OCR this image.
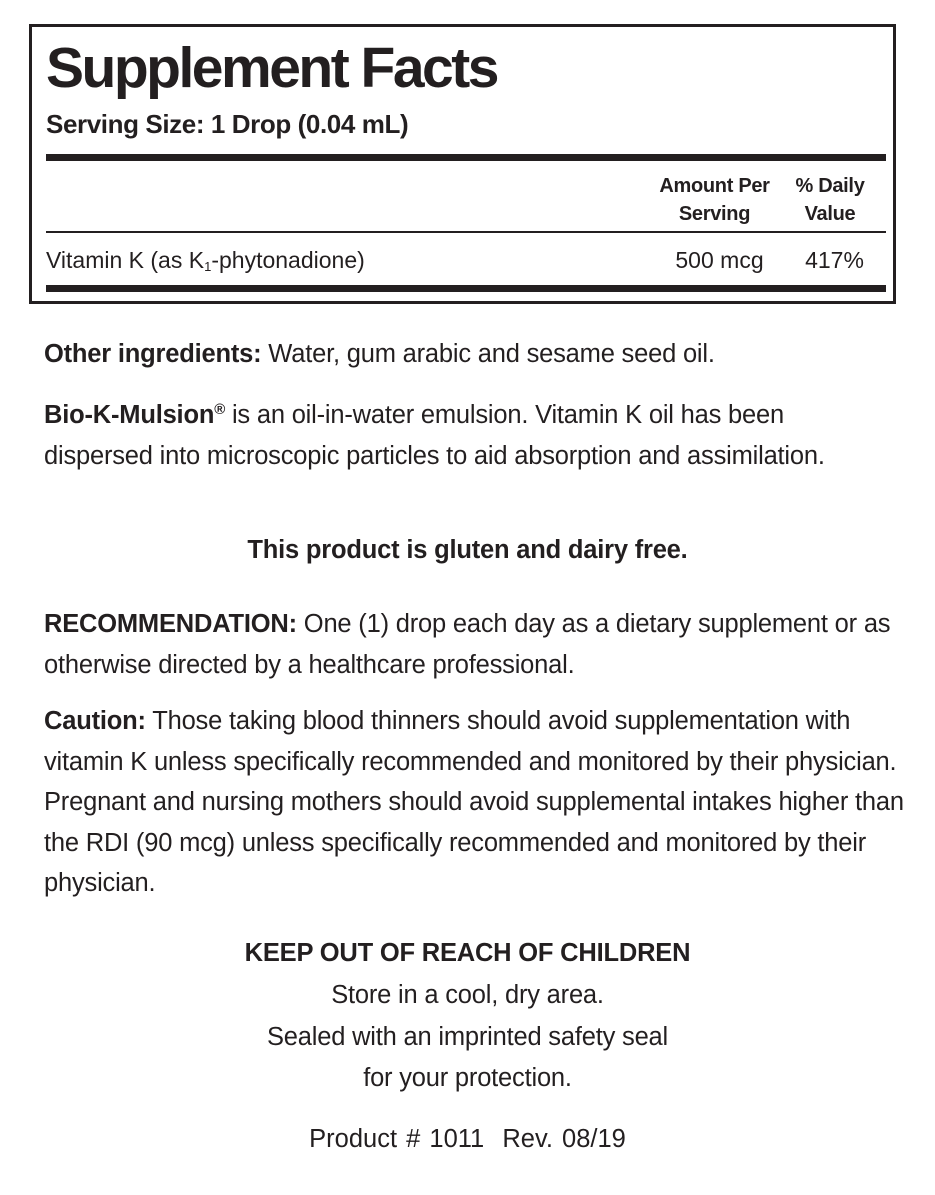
Supplement Facts
Serving Size: 1 Drop (0.04 mL)
Amount Per
Serving
% Daily
Value
Vitamin K (as $K_1-phytonadione$)	500 mcg	417%

Other ingredients: Water, gum arabic and sesame seed oil.

Bio-K-Mulsion® is an oil-in-water emulsion. Vitamin K oil has been dispersed into microscopic particles to aid absorption and assimilation.

This product is gluten and dairy free.

RECOMMENDATION: One (1) drop each day as a dietary supplement or as otherwise directed by a healthcare professional.

Caution: Those taking blood thinners should avoid supplementation with vitamin K unless specifically recommended and monitored by their physician. Pregnant and nursing mothers should avoid supplemental intakes higher than the RDI (90 mcg) unless specifically recommended and monitored by their physician.

KEEP OUT OF REACH OF CHILDREN
Store in a cool, dry area.
Sealed with an imprinted safety seal
for your protection.
Product # 1011  Rev. 08/19
